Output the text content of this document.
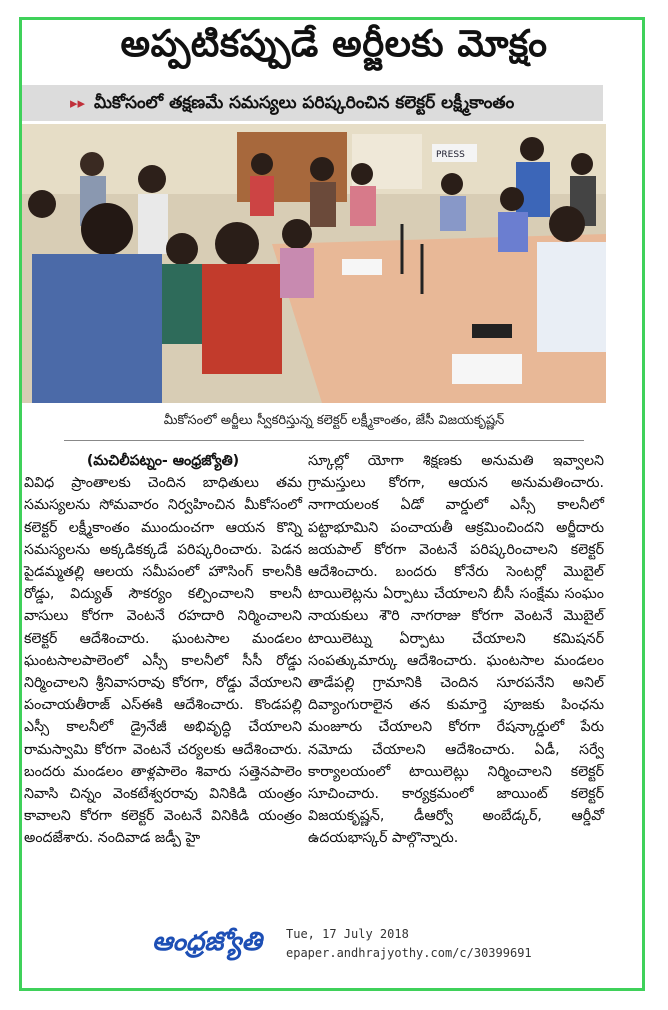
అప్పటికప్పుడే అర్జీలకు మోక్షం
▸▸ మీకోసంలో తక్షణమే సమస్యలు పరిష్కరించిన కలెక్టర్ లక్ష్మీకాంతం
PRESS
మీకోసంలో అర్జీలు స్వీకరిస్తున్న కలెక్టర్ లక్ష్మీకాంతం, జేసీ విజయకృష్ణన్

(మచిలీపట్నం- ఆంధ్రజ్యోతి)

వివిధ ప్రాంతాలకు చెందిన బాధితులు తమ సమస్యలను సోమవారం నిర్వహించిన మీకోసంలో కలెక్టర్ లక్ష్మీకాంతం ముందుంచగా ఆయన కొన్ని సమస్యలను అక్కడికక్కడే పరిష్కరించారు. పెడన పైడమ్మతల్లి ఆలయ సమీపంలో హౌసింగ్ కాలనీకి రోడ్డు, విద్యుత్ సౌకర్యం కల్పించాలని కాలనీ వాసులు కోరగా వెంటనే రహదారి నిర్మించాలని కలెక్టర్ ఆదేశించారు. ఘంటసాల మండలం ఘంటసాలపాలెంలో ఎస్సీ కాలనీలో సీసీ రోడ్డు నిర్మించాలని శ్రీనివాసరావు కోరగా, రోడ్డు వేయాలని పంచాయతీరాజ్ ఎస్ఈకి ఆదేశించారు. కొండపల్లి ఎస్సీ కాలనీలో డ్రైనేజీ అభివృద్ధి చేయాలని రామస్వామి కోరగా వెంటనే చర్యలకు ఆదేశించారు. బందరు మండలం తాళ్లపాలెం శివారు సత్తెనపాలెం నివాసి చిన్నం వెంకటేశ్వరరావు వినికిడి యంత్రం కావాలని కోరగా కలెక్టర్ వెంటనే వినికిడి యంత్రం అందజేశారు. నందివాడ జడ్పీ హై

స్కూల్లో యోగా శిక్షణకు అనుమతి ఇవ్వాలని గ్రామస్తులు కోరగా, ఆయన అనుమతించారు. నాగాయలంక ఏడో వార్డులో ఎస్సీ కాలనీలో పట్టాభూమిని పంచాయతీ ఆక్రమించిందని అర్జీదారు జయపాల్ కోరగా వెంటనే పరిష్కరించాలని కలెక్టర్ ఆదేశించారు. బందరు కోనేరు సెంటర్లో మొబైల్ టాయిలెట్లను ఏర్పాటు చేయాలని బీసీ సంక్షేమ సంఘం నాయకులు శౌరి నాగరాజు కోరగా వెంటనే మొబైల్ టాయిలెట్ను ఏర్పాటు చేయాలని కమిషనర్ సంపత్కుమార్కు ఆదేశించారు. ఘంటసాల మండలం తాడేపల్లి గ్రామానికి చెందిన సూరపనేని అనిల్ దివ్యాంగురాలైన తన కుమార్తె పూజకు పింఛను మంజూరు చేయాలని కోరగా రేషన్కార్డులో పేరు నమోదు చేయాలని ఆదేశించారు. ఏడీ, సర్వే కార్యాలయంలో టాయిలెట్లు నిర్మించాలని కలెక్టర్ సూచించారు. కార్యక్రమంలో జాయింట్ కలెక్టర్ విజయకృష్ణన్, డీఆర్వో అంబేడ్కర్, ఆర్డీవో ఉదయభాస్కర్ పాల్గొన్నారు.

ఆంధ్రజ్యోతి Tue, 17 July 2018
epaper.andhrajyothy.com/c/30399691
